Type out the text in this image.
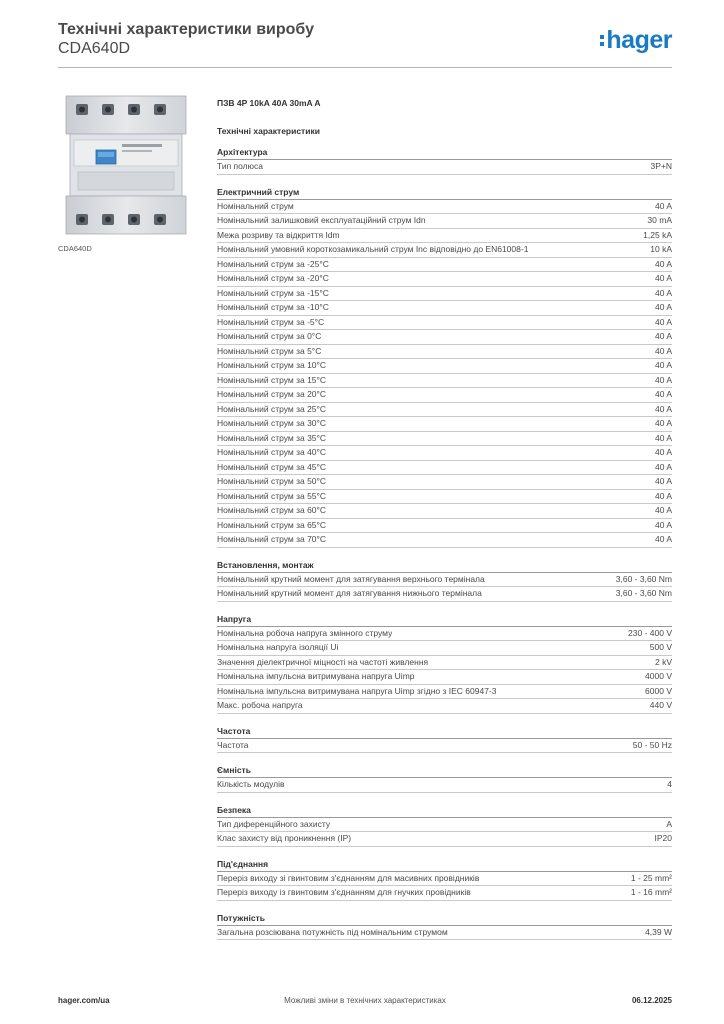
Технічні характеристики виробу
CDA640D	hager
CDA640D
ПЗВ 4P 10kA 40A 30mA A
Технічні характеристики
Архітектура
Тип полюса	3P+N
Електричний струм
Номінальний струм	40 A
Номінальний залишковий експлуатаційний струм Idn	30 mA
Межа розриву та відкриття Idm	1,25 kA
Номінальний умовний короткозамикальний струм Inc відповідно до EN61008-1	10 kA
Номінальний струм за -25°C	40 A
Номінальний струм за -20°C	40 A
Номінальний струм за -15°C	40 A
Номінальний струм за -10°C	40 A
Номінальний струм за -5°C	40 A
Номінальний струм за 0°C	40 A
Номінальний струм за 5°C	40 A
Номінальний струм за 10°C	40 A
Номінальний струм за 15°C	40 A
Номінальний струм за 20°C	40 A
Номінальний струм за 25°C	40 A
Номінальний струм за 30°C	40 A
Номінальний струм за 35°C	40 A
Номінальний струм за 40°C	40 A
Номінальний струм за 45°C	40 A
Номінальний струм за 50°C	40 A
Номінальний струм за 55°C	40 A
Номінальний струм за 60°C	40 A
Номінальний струм за 65°C	40 A
Номінальний струм за 70°C	40 A
Встановлення, монтаж
Номінальний крутний момент для затягування верхнього термінала	3,60 - 3,60 Nm
Номінальний крутний момент для затягування нижнього термінала	3,60 - 3,60 Nm
Напруга
Номінальна робоча напруга змінного струму	230 - 400 V
Номінальна напруга ізоляції Ui	500 V
Значення діелектричної міцності на частоті живлення	2 kV
Номінальна імпульсна витримувана напруга Uimp	4000 V
Номінальна імпульсна витримувана напруга Uimp згідно з IEC 60947-3	6000 V
Макс. робоча напруга	440 V
Частота
Частота	50 - 50 Hz
Ємність
Кількість модулів	4
Безпека
Тип диференційного захисту	A
Клас захисту від проникнення (IP)	IP20
Під'єднання
Переріз виходу зі гвинтовим з'єднанням для масивних провідників	1 - 25 mm²
Переріз виходу із гвинтовим з'єднанням для гнучких провідників	1 - 16 mm²
Потужність
Загальна розсіювана потужність під номінальним струмом	4,39 W
hager.com/ua	Можливі зміни в технічних характеристиках	06.12.2025
